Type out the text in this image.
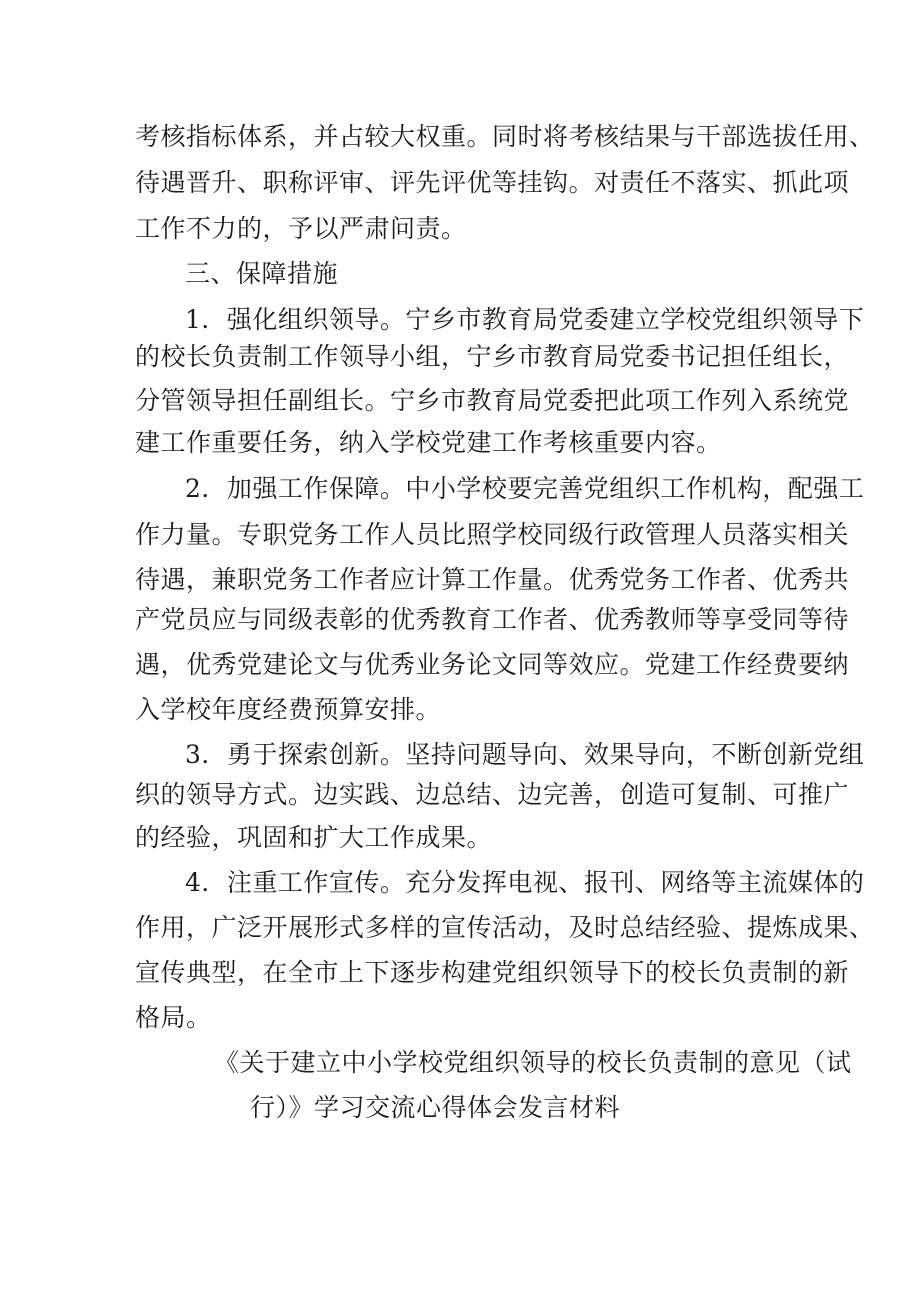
考核指标体系，并占较大权重。同时将考核结果与干部选拔任用、
待遇晋升、职称评审、评先评优等挂钩。对责任不落实、抓此项
工作不力的，予以严肃问责。
三、保障措施
1．强化组织领导。宁乡市教育局党委建立学校党组织领导下
的校长负责制工作领导小组，宁乡市教育局党委书记担任组长，
分管领导担任副组长。宁乡市教育局党委把此项工作列入系统党
建工作重要任务，纳入学校党建工作考核重要内容。
2．加强工作保障。中小学校要完善党组织工作机构，配强工
作力量。专职党务工作人员比照学校同级行政管理人员落实相关
待遇，兼职党务工作者应计算工作量。优秀党务工作者、优秀共
产党员应与同级表彰的优秀教育工作者、优秀教师等享受同等待
遇，优秀党建论文与优秀业务论文同等效应。党建工作经费要纳
入学校年度经费预算安排。
3．勇于探索创新。坚持问题导向、效果导向，不断创新党组
织的领导方式。边实践、边总结、边完善，创造可复制、可推广
的经验，巩固和扩大工作成果。
4．注重工作宣传。充分发挥电视、报刊、网络等主流媒体的
作用，广泛开展形式多样的宣传活动，及时总结经验、提炼成果、
宣传典型，在全市上下逐步构建党组织领导下的校长负责制的新
格局。
《关于建立中小学校党组织领导的校长负责制的意见（试
行）》学习交流心得体会发言材料
